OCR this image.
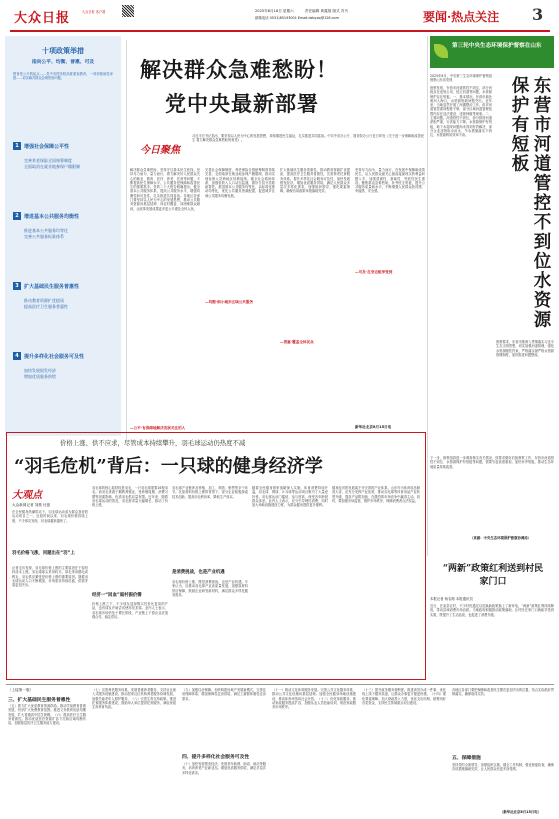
大众日报	大众日报 客户端	2025年8月16日 星期六	责任编辑 黄露翔 版式 冯书
邮箱电话 0531)85193001 Email:dzbyao@126.com	要闻·热点关注 3
十项政策举措
指向公平、均衡、普惠、可及
教育是公平的起点……党中央国务院高度重视教育，一项项基础性举措……切实解决群众急难愁盼问题。
1	增强社会保障公平性
完善养老保险全国统筹制度
全面取消在就业地参保户籍限制
2	增进基本公共服务均衡性
推进基本公共服务均等化
完善公共服务标准体系
3	扩大基础民生服务普惠性
推动教育资源扩优提质
提高医疗卫生服务普惠性
4	提升多样化社会服务可及性
加快发展银发经济
增加优质服务供给
解决群众急难愁盼！
党中央最新部署
今日聚焦
习近平总书记指出，要坚持以人民为中心的发展思想，持续增进民生福祉，扎实推进共同富裕。中共中央办公厅、国务院办公厅近日印发《关于进一步保障和改善民生 着力解决群众急难愁盼的意见》。
解决群众急难愁盼，坚持守住基本民生底线，坚持尽力而为、量力而行，着力解决好人民群众关心的就业、教育、医疗、养老、托育等问题，不断提高民生保障水平。公共服务是保障和改善民生的重要抓手。党的二十大报告明确提出，健全基本公共服务体系，提高公共服务水平，增强均衡性和可及性，扎实推进共同富裕。各地区各部门要坚持以人民为中心的发展思想，推动公共服务资源向基层延伸、向农村覆盖、向困难群众倾斜，让改革发展成果更多更公平惠及全体人民。
—公平·有保障地解决发展关注的人
完善社会保障制度，养老保险全国统筹制度持续完善，全面取消在就业地参保户籍限制，推动实现参保人员跨地区转移接续。健全社会救助体系，加强低收入人口动态监测，做好分层分类救助帮扶。推进基本公共服务均等化，以标准化推动均等化，优化公共服务资源配置，促进城乡区域公共服务均衡发展。
—均衡·细小城乡区域公共服务
扩大基础民生服务普惠性，推动教育资源扩优提质，提高医疗卫生服务普惠性，完善养老托育服务体系。提升多样化社会服务可及性，加快发展银发经济，增加优质服务供给，满足人民群众多层次多样化需求。加强组织领导，强化要素保障，确保各项政策举措落地见效。
—普惠·覆盖全体民众
坚持尽力而为、量力而行，在发展中保障和改善民生，从人民群众最关心最直接最现实的利益问题入手，加强普惠性、基础性、兜底性民生建设。聚焦群众急难愁盼，补齐民生短板，提升公共服务质量和水平，不断增强人民群众获得感、幸福感、安全感。
—可及·在身边能享受到
新华社北京8月15日电
第三轮中央生态环境保护督察在山东
2025年8月，中央第三生态环境保护督察组督察山东省发现
督察发现，东营市河道管控不到位，部分河段存在违规占用、侵占河道等问题，水资源保护存在短板。一、基本情况。东营市地处黄河入海口，水资源短缺问题突出。近年来，当地虽然开展了河湖整治工作，但对河道管控重视程度不够，部分区域河道管理范围内存在违法建设、违规种植等现象。二、主要问题。河道管控不到位，部分排涝河道淤积严重，行洪能力下降。水资源保护有短板，地下水超采问题尚未得到有效解决，部分企业违规取水用水，节水措施落实不到位，水资源利用效率不高。	东营市河道管控不到位水资源保护有短板
督察要求，东营市要深入贯彻落实习近平生态文明思想，切实加强河道管理，强化水资源刚性约束，严格落实最严格水资源管理制度，加快推进问题整改。
下一步，督察组将进一步调查核实有关情况，按要求做好后续督察工作。东营市河道管控不到位、水资源保护有短板等问题，需要引起高度重视，加快补齐短板，推动生态环境质量持续改善。
（来源：中央生态环境保护督察协调局）
价格上涨、供不应求，尽管成本持续攀升，羽毛球运动仍热度不减
“羽毛危机”背后：一只球的健身经济学
大观点
大众新闻记者 刘燕 付振
在全民健身热潮带动下，羽毛球运动成为群众喜爱的运动项目之一。近段时间以来，羽毛球价格持续上涨，不少球友发现，羽毛球越来越贵了。
羽毛价格飞涨，问题出在“羽”上
记者走访发现，羽毛球价格上涨的主要原因在于原材料成本上涨。羽毛球球头采用软木，球毛采用鹅毛或鸭毛，羽毛供应紧张是价格上涨的重要原因。随着羽毛球运动人口不断增加，市场需求持续旺盛，供需矛盾更加突出。
羽毛球的核心原材料是羽毛，一只羽毛球需要16根羽毛。而羽毛来源于鹅鸭养殖业，受养殖周期、消费习惯等因素影响，优质羽毛供应量有限。近年来，随着羽毛球运动的普及，羽毛需求量大幅增长，推动了价格上涨。
经济一“回血”庭村振价需
价格上涨之下，不少球友选择购买性价比更高的产品，也有球友开始尝试使用尼龙球。业内人士表示，羽毛球市场仍处于增长阶段，产业链上下游企业应加强合作，稳定供应。
羽毛球产业链涉及养殖、加工、制造、销售等多个环节。在原材料价格上涨的背景下，部分企业积极探索技术创新，提高羽毛利用率，降低生产成本。
是消费挑战，也是产业机遇
羽毛球价格上涨，既是消费挑战，也是产业机遇。专家认为，应推动羽毛球产业高质量发展，加强原材料供应保障，鼓励企业研发新材料，满足群众多样化健身需求。
随着全民健身国家战略深入实施，体育消费持续升温，羽毛球、网球、乒乓球等运动项目吸引了大量爱好者。羽毛球运动门槛低、参与度高，深受各年龄段群众喜爱。业内人士表示，应当引导理性消费，同时加大场地设施建设力度，为群众健身提供更多便利。
健身经济的发展离不开完善的产业体系。山东作为体育用品制造大省，应充分发挥产业优势，推动羽毛球等体育用品产业转型升级，提高产品附加值，在激烈的市场竞争中赢得主动。同时，要加强市场监管，维护市场秩序，保障消费者合法权益。
“两新”政策红利送到村民家门口
本报记者 杨名路 本报通讯员
近日，在某县农村，不少村民通过以旧换新政策换上了新家电。“两新”政策红利持续释放，带动县域消费市场活跃。当地政府积极推动政策落地，让村民在家门口就能享受到实惠，既提升了生活品质，也促进了消费升级。
（上接第一版）
三、扩大基础民生服务普惠性
（五）着力扩大优质教育资源供给。推动学前教育普惠发展，有序扩大免费教育范围。推进义务教育优质均衡发展，扩大普通高中招生规模。（六）提高医疗卫生服务普惠性。推动优质医疗资源扩容下沉和区域均衡布局，加强基层医疗卫生服务能力建设。
（七）完善养老服务体系。发展普惠养老服务，支持社区嵌入式服务设施建设。推动居家社区机构养老服务协调发展，加强失能老年人照护服务。（八）完善生育支持政策。推进托育服务体系建设，鼓励用人单位提供托育服务，减轻家庭生育养育负担。
（九）加强住房保障。加快构建房地产发展新模式，完善住房保障体系，增加保障性住房供给，满足工薪群体刚性住房需求。
四、提升多样化社会服务可及性
（十）加快发展银发经济。发展老年助餐、助浴、助洁等服务，培育养老产业新业态。增加优质服务供给，满足多层次多样化需求。
（十一）推动文化体育服务发展。完善公共文化服务体系，推动公共文化设施向基层延伸。加强全民健身场地设施建设，推动体育场馆向社会开放。（十二）优化家政服务。推动家政服务提质扩容，加强从业人员技能培训，规范家政服务市场秩序。
（十三）提升政务服务便利度。推进高效办成一件事，优化线上线下服务渠道，让群众办事更方便更快捷。（十四）强化要素保障。加大财政投入力度，优化支出结构，统筹用好各类资金，支持民生领域重点项目建设。
五、保障措施
各地区各部门要把保障和改善民生摆在更加突出的位置，结合实际抓好贯彻落实，确保取得实效。
坚持党的全面领导，加强组织实施，健全工作机制，强化督促检查，确保各项措施落地见效，让人民群众有更多获得感。
（新华社北京8月15日电）
